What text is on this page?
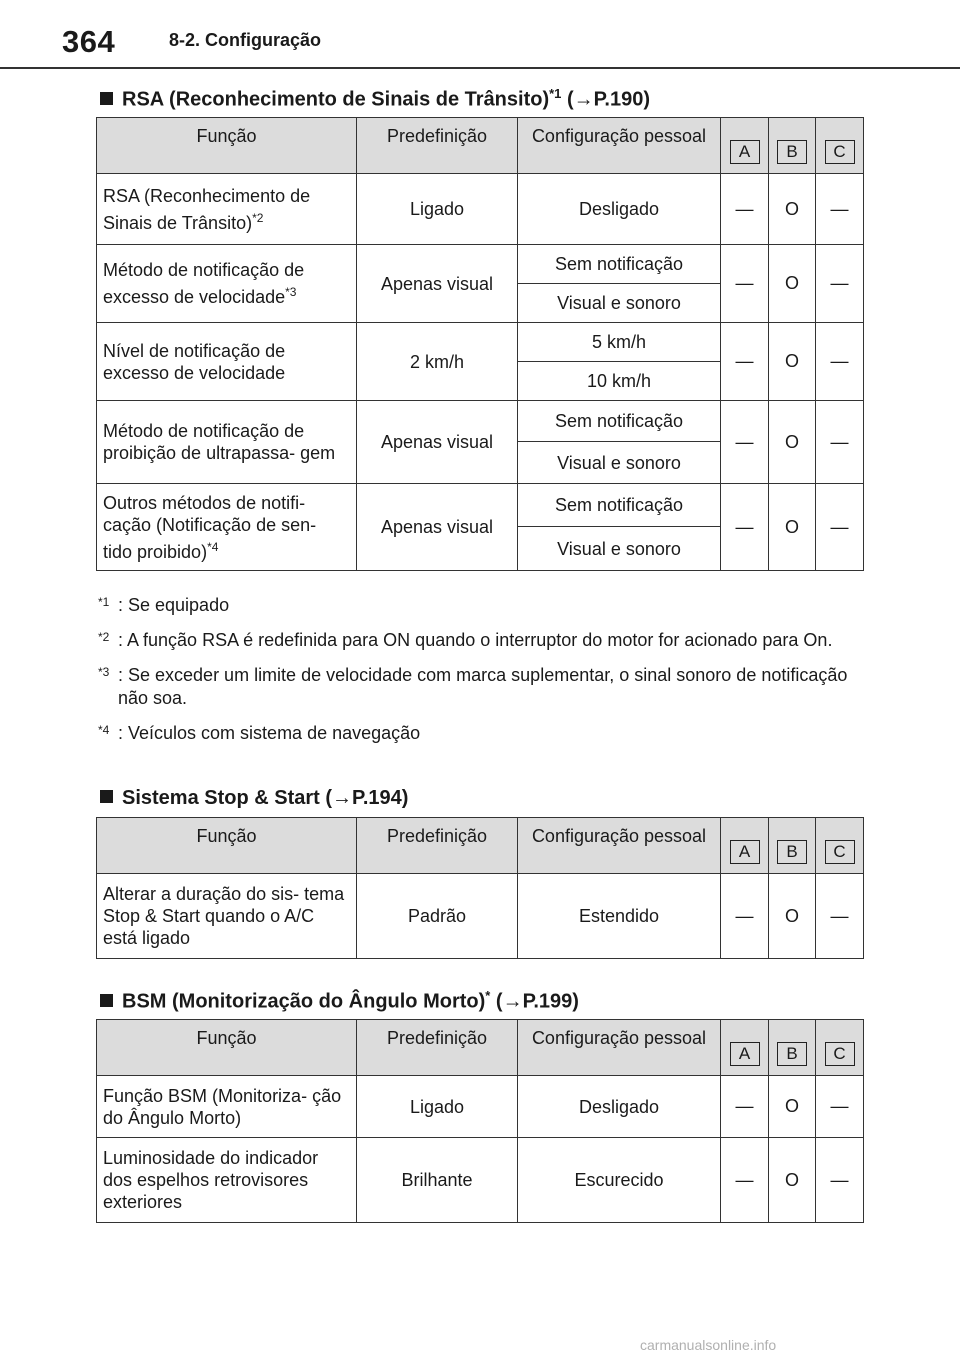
364	8-2. Configuração
RSA (Reconhecimento de Sinais de Trânsito)$^{*1}$ (→P.190)
Função	Predefinição	Configuração pessoal	A	B	C
RSA (Reconhecimento de Sinais de Trânsito)$^{*2}$	Ligado	Desligado	—	O	—
Método de notificação de excesso de velocidade$^{*3}$	Apenas visual	Sem notificação	—	O	—
		Visual e sonoro			
Nível de notificação de excesso de velocidade	2 km/h	5 km/h	—	O	—
		10 km/h			
Método de notificação de proibição de ultrapassa- gem	Apenas visual	Sem notificação	—	O	—
		Visual e sonoro			
Outros métodos de notifi- cação (Notificação de sen- tido proibido)$^{*4}$	Apenas visual	Sem notificação	—	O	—
		Visual e sonoro			
*1 : Se equipado
*2 : A função RSA é redefinida para ON quando o interruptor do motor for acionado para On.
*3 : Se exceder um limite de velocidade com marca suplementar, o sinal sonoro de notificação não soa.
*4 : Veículos com sistema de navegação
Sistema Stop & Start (→P.194)
Função	Predefinição	Configuração pessoal	A	B	C
Alterar a duração do sis- tema Stop & Start quando o A/C está ligado	Padrão	Estendido	—	O	—
BSM (Monitorização do Ângulo Morto)* (→P.199)
Função	Predefinição	Configuração pessoal	A	B	C
Função BSM (Monitoriza- ção do Ângulo Morto)	Ligado	Desligado	—	O	—
Luminosidade do indicador dos espelhos retrovisores exteriores	Brilhante	Escurecido	—	O	—
carmanualsonline.info
